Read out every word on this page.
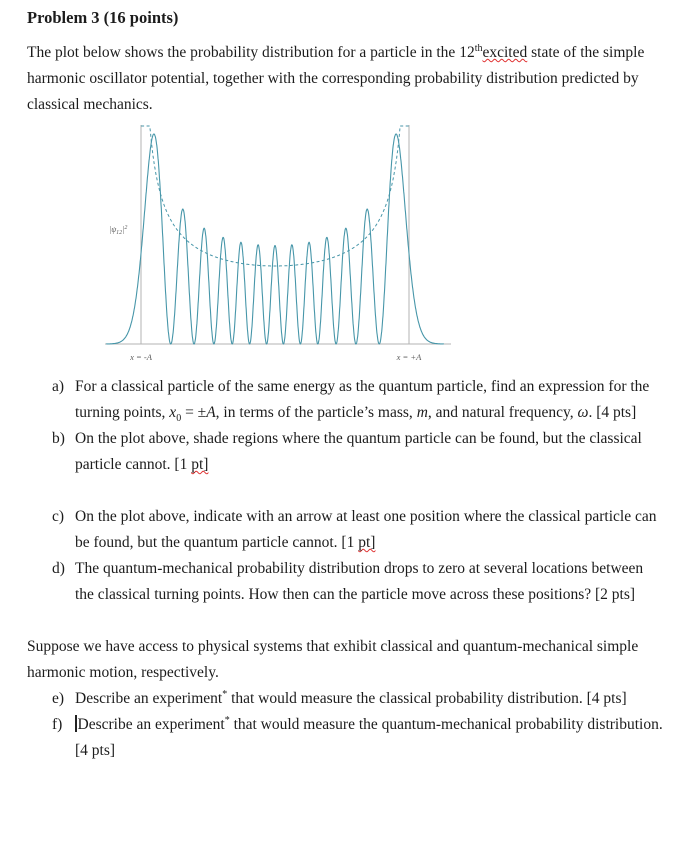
Problem 3 (16 points)

The plot below shows the probability distribution for a particle in the 12thexcited state of the simple harmonic oscillator potential, together with the corresponding probability distribution predicted by classical mechanics.

$|\psi_{12}|^2$
x = -A	x = +A
a) For a classical particle of the same energy as the quantum particle, find an expression for the turning points, $x_0 = \pm A$, in terms of the particle’s mass, m, and natural frequency, ω. [4 pts]
b) On the plot above, shade regions where the quantum particle can be found, but the classical particle cannot. [1 pt]
c) On the plot above, indicate with an arrow at least one position where the classical particle can be found, but the quantum particle cannot. [1 pt]
d) The quantum-mechanical probability distribution drops to zero at several locations between the classical turning points. How then can the particle move across these positions? [2 pts]

Suppose we have access to physical systems that exhibit classical and quantum-mechanical simple harmonic motion, respectively.

e) Describe an experiment* that would measure the classical probability distribution. [4 pts]
f) Describe an experiment* that would measure the quantum-mechanical probability distribution. [4 pts]
